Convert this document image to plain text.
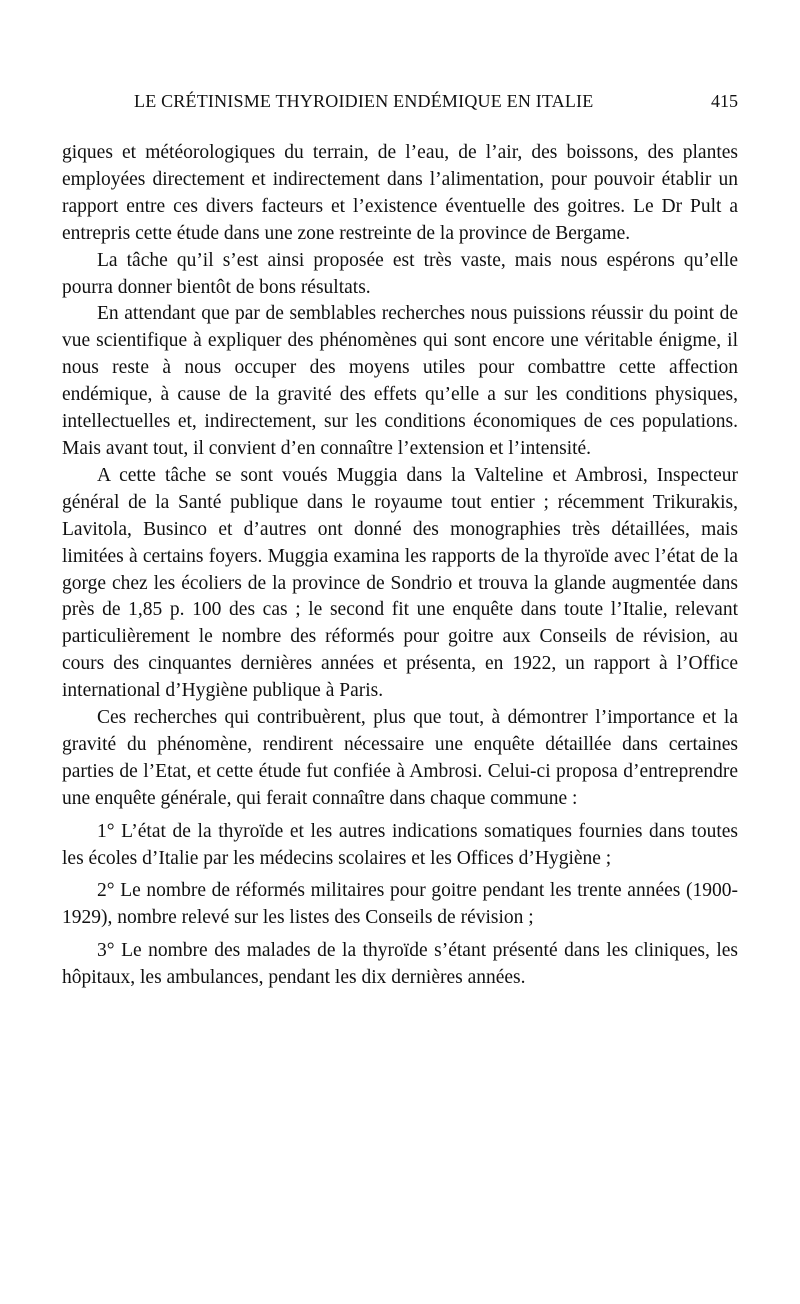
LE CRÉTINISME THYROIDIEN ENDÉMIQUE EN ITALIE	415

giques et météorologiques du terrain, de l’eau, de l’air, des boissons, des plantes employées directement et indirectement dans l’alimentation, pour pouvoir établir un rapport entre ces divers facteurs et l’existence éventuelle des goitres. Le Dr Pult a entrepris cette étude dans une zone restreinte de la province de Bergame.

La tâche qu’il s’est ainsi proposée est très vaste, mais nous espérons qu’elle pourra donner bientôt de bons résultats.

En attendant que par de semblables recherches nous puissions réussir du point de vue scientifique à expliquer des phénomènes qui sont encore une véritable énigme, il nous reste à nous occuper des moyens utiles pour combattre cette affection endémique, à cause de la gravité des effets qu’elle a sur les conditions physiques, intellectuelles et, indirectement, sur les conditions économiques de ces populations. Mais avant tout, il convient d’en connaître l’extension et l’intensité.

A cette tâche se sont voués Muggia dans la Valteline et Ambrosi, Inspecteur général de la Santé publique dans le royaume tout entier ; récemment Trikurakis, Lavitola, Businco et d’autres ont donné des monographies très détaillées, mais limitées à certains foyers. Muggia examina les rapports de la thyroïde avec l’état de la gorge chez les écoliers de la province de Sondrio et trouva la glande augmentée dans près de 1,85 p. 100 des cas ; le second fit une enquête dans toute l’Italie, relevant particulièrement le nombre des réformés pour goitre aux Conseils de révision, au cours des cinquantes dernières années et présenta, en 1922, un rapport à l’Office international d’Hygiène publique à Paris.

Ces recherches qui contribuèrent, plus que tout, à démontrer l’importance et la gravité du phénomène, rendirent nécessaire une enquête détaillée dans certaines parties de l’Etat, et cette étude fut confiée à Ambrosi. Celui-ci proposa d’entreprendre une enquête générale, qui ferait connaître dans chaque commune :

1° L’état de la thyroïde et les autres indications somatiques fournies dans toutes les écoles d’Italie par les médecins scolaires et les Offices d’Hygiène ;

2° Le nombre de réformés militaires pour goitre pendant les trente années (1900-1929), nombre relevé sur les listes des Conseils de révision ;

3° Le nombre des malades de la thyroïde s’étant présenté dans les cliniques, les hôpitaux, les ambulances, pendant les dix dernières années.
